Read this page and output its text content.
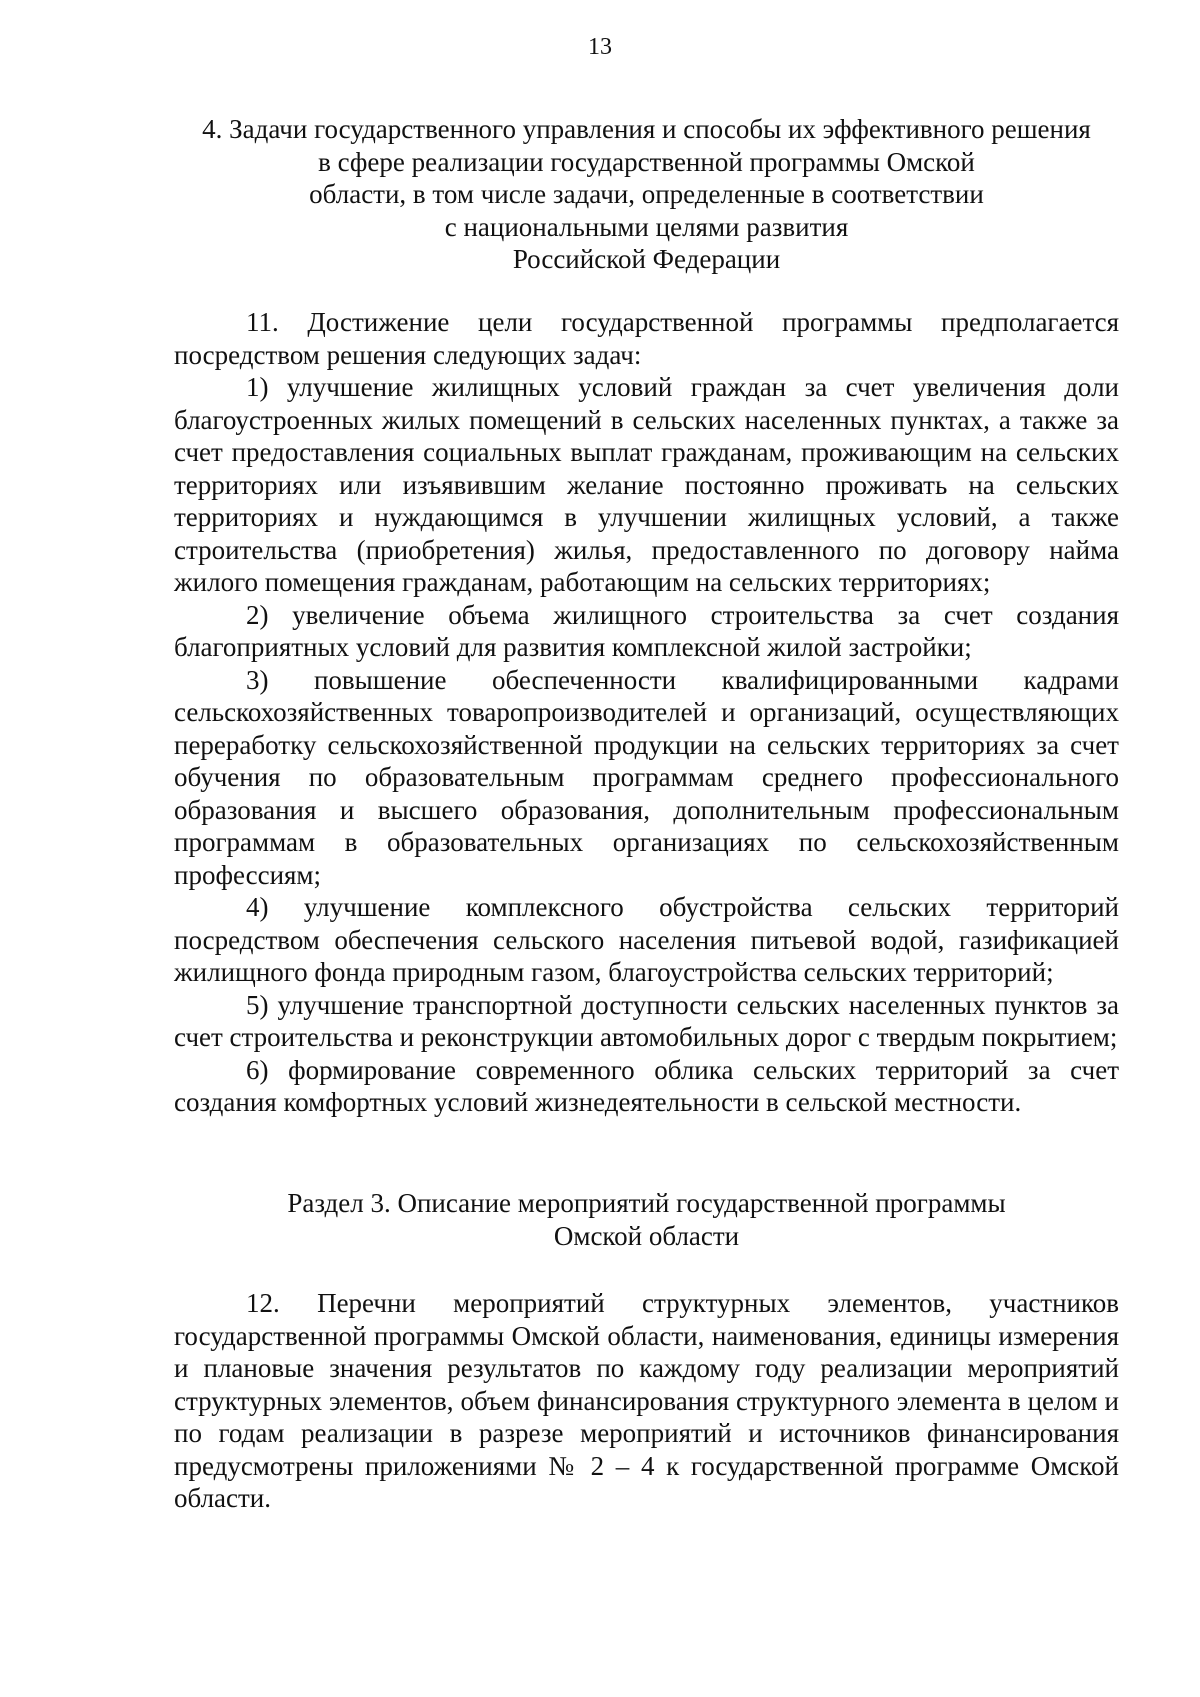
13
4. Задачи государственного управления и способы их эффективного решения
в сфере реализации государственной программы Омской
области, в том числе задачи, определенные в соответствии
с национальными целями развития
Российской Федерации

11. Достижение цели государственной программы предполагается посредством решения следующих задач:

1) улучшение жилищных условий граждан за счет увеличения доли благоустроенных жилых помещений в сельских населенных пунктах, а также за счет предоставления социальных выплат гражданам, проживающим на сельских территориях или изъявившим желание постоянно проживать на сельских территориях и нуждающимся в улучшении жилищных условий, а также строительства (приобретения) жилья, предоставленного по договору найма жилого помещения гражданам, работающим на сельских территориях;

2) увеличение объема жилищного строительства за счет создания благоприятных условий для развития комплексной жилой застройки;

3) повышение обеспеченности квалифицированными кадрами сельскохозяйственных товаропроизводителей и организаций, осуществляющих переработку сельскохозяйственной продукции на сельских территориях за счет обучения по образовательным программам среднего профессионального образования и высшего образования, дополнительным профессиональным программам в образовательных организациях по сельскохозяйственным профессиям;

4) улучшение комплексного обустройства сельских территорий посредством обеспечения сельского населения питьевой водой, газификацией жилищного фонда природным газом, благоустройства сельских территорий;

5) улучшение транспортной доступности сельских населенных пунктов за счет строительства и реконструкции автомобильных дорог с твердым покрытием;

6) формирование современного облика сельских территорий за счет создания комфортных условий жизнедеятельности в сельской местности.

Раздел 3. Описание мероприятий государственной программы
Омской области

12. Перечни мероприятий структурных элементов, участников государственной программы Омской области, наименования, единицы измерения и плановые значения результатов по каждому году реализации мероприятий структурных элементов, объем финансирования структурного элемента в целом и по годам реализации в разрезе мероприятий и источников финансирования предусмотрены приложениями № 2 – 4 к государственной программе Омской области.
